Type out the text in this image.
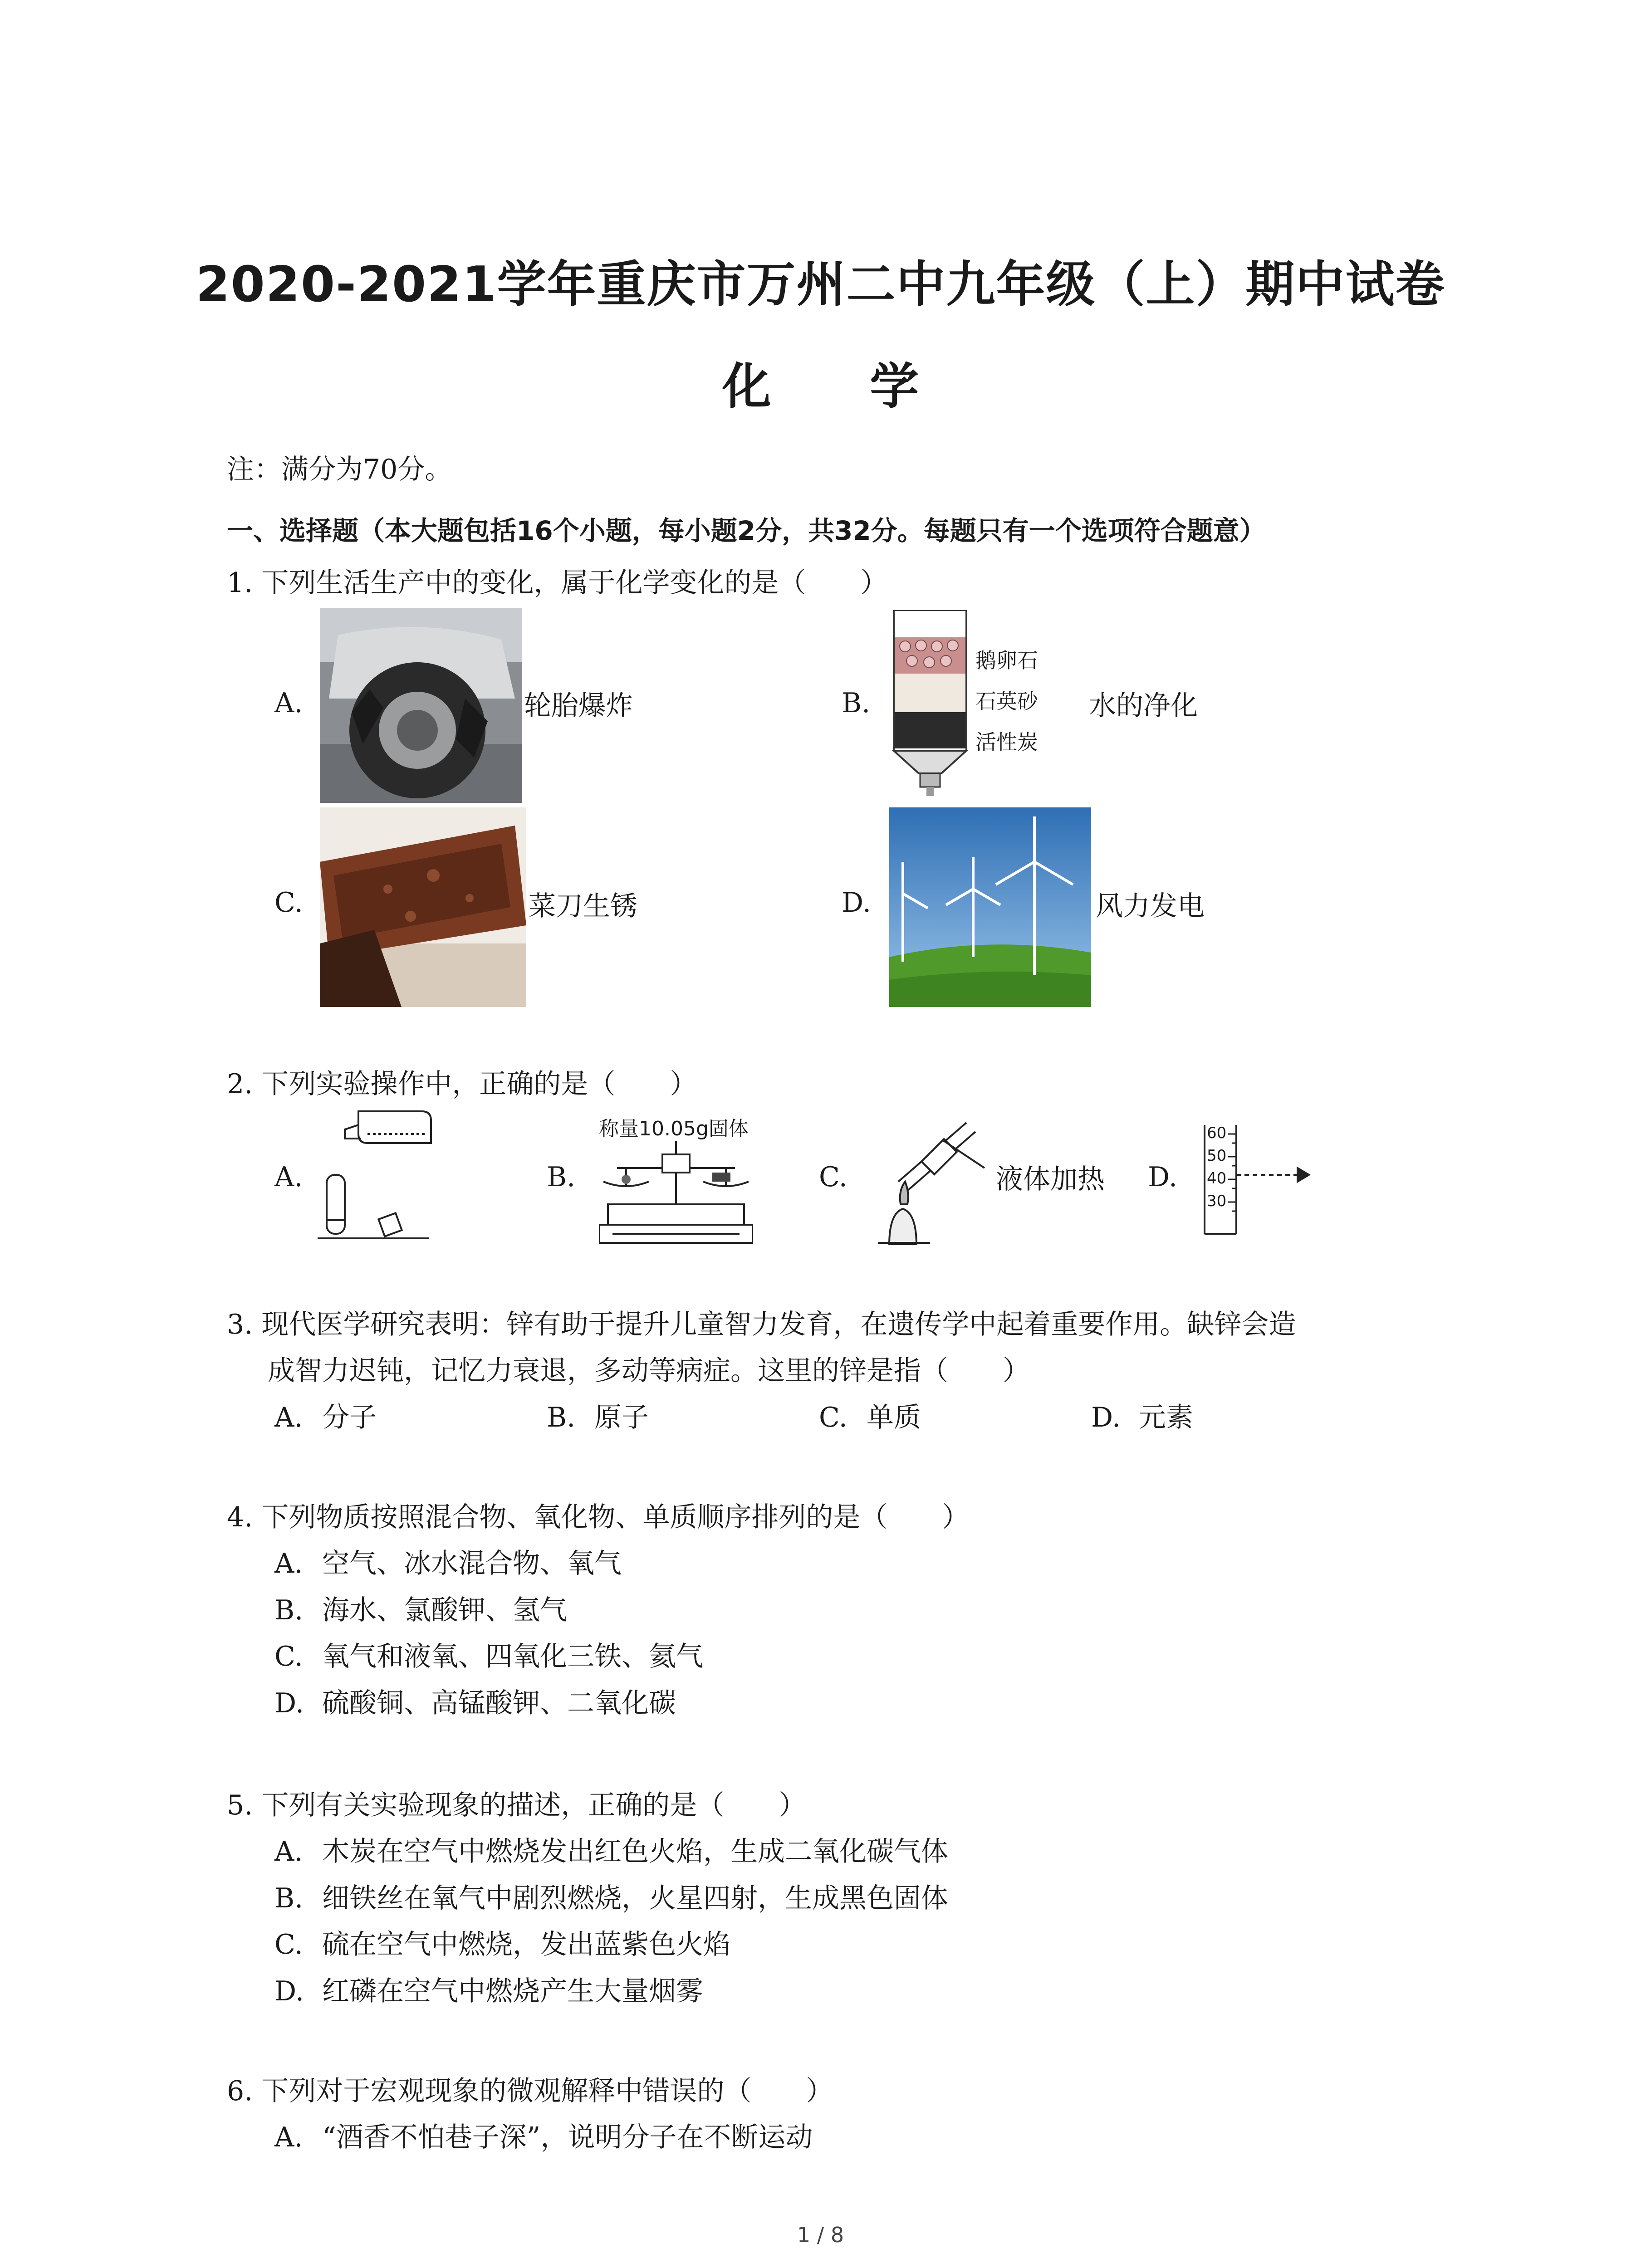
2020-2021学年重庆市万州二中九年级（上）期中试卷
化 学
注：满分为70分。
一、选择题（本大题包括16个小题，每小题2分，共32分。每题只有一个选项符合题意）
1. 下列生活生产中的变化，属于化学变化的是（　　）
A.	轮胎爆炸	B.
鹅卵石
石英砂
活性炭
水的净化
C.	菜刀生锈	D.	风力发电
2. 下列实验操作中，正确的是（　　）
A.	B.
称量10.05g固体
C.	液体加热 D.
60
50
40
30
3. 现代医学研究表明：锌有助于提升儿童智力发育，在遗传学中起着重要作用。缺锌会造
成智力迟钝，记忆力衰退，多动等病症。这里的锌是指（　　）
A. 分子	B. 原子	C. 单质	D. 元素
4. 下列物质按照混合物、氧化物、单质顺序排列的是（　　）
A. 空气、冰水混合物、氧气
B. 海水、氯酸钾、氢气
C. 氧气和液氧、四氧化三铁、氦气
D. 硫酸铜、高锰酸钾、二氧化碳
5. 下列有关实验现象的描述，正确的是（　　）
A. 木炭在空气中燃烧发出红色火焰，生成二氧化碳气体
B. 细铁丝在氧气中剧烈燃烧，火星四射，生成黑色固体
C. 硫在空气中燃烧，发出蓝紫色火焰
D. 红磷在空气中燃烧产生大量烟雾
6. 下列对于宏观现象的微观解释中错误的（　　）
A. “酒香不怕巷子深”，说明分子在不断运动
1 / 8
